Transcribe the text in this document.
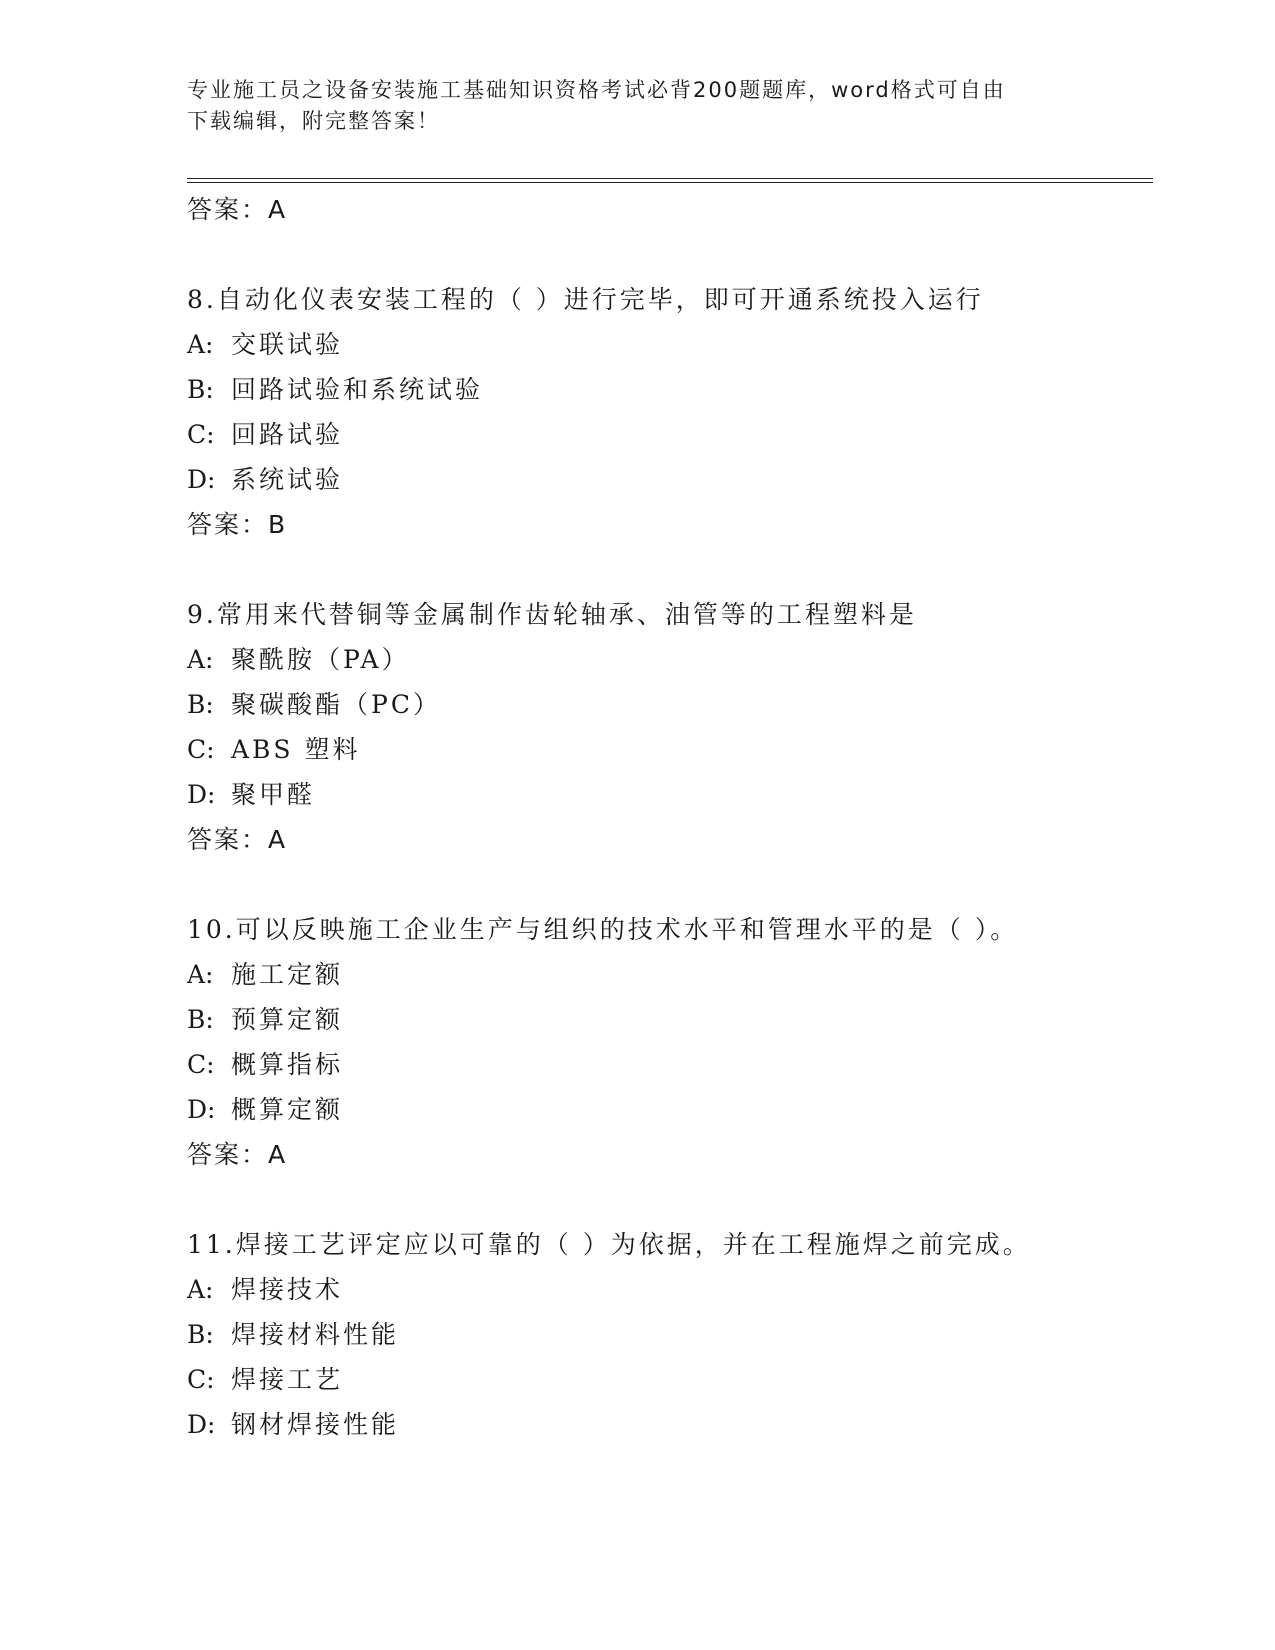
专业施工员之设备安装施工基础知识资格考试必背200题题库，word格式可自由
下载编辑，附完整答案！
答案：A
8.自动化仪表安装工程的（ ）进行完毕，即可开通系统投入运行
A: 交联试验
B: 回路试验和系统试验
C: 回路试验
D: 系统试验
答案：B
9.常用来代替铜等金属制作齿轮轴承、油管等的工程塑料是
A: 聚酰胺（PA）
B: 聚碳酸酯（PC）
C: ABS 塑料
D: 聚甲醛
答案：A
10.可以反映施工企业生产与组织的技术水平和管理水平的是（ ）。
A: 施工定额
B: 预算定额
C: 概算指标
D: 概算定额
答案：A
11.焊接工艺评定应以可靠的（ ）为依据，并在工程施焊之前完成。
A: 焊接技术
B: 焊接材料性能
C: 焊接工艺
D: 钢材焊接性能
